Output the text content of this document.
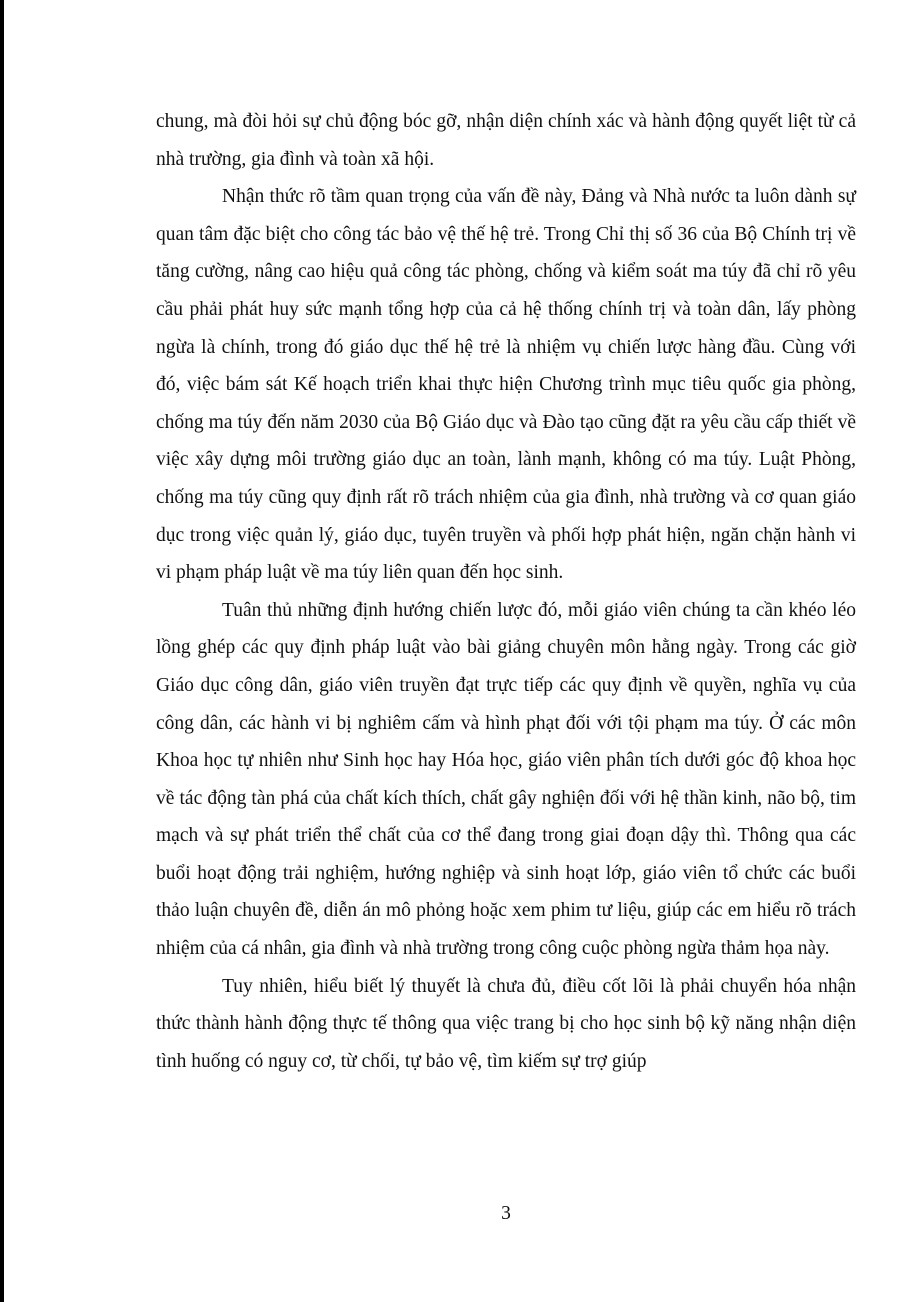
chung, mà đòi hỏi sự chủ động bóc gỡ, nhận diện chính xác và hành động quyết liệt từ cả nhà trường, gia đình và toàn xã hội.

Nhận thức rõ tầm quan trọng của vấn đề này, Đảng và Nhà nước ta luôn dành sự quan tâm đặc biệt cho công tác bảo vệ thế hệ trẻ. Trong Chỉ thị số 36 của Bộ Chính trị về tăng cường, nâng cao hiệu quả công tác phòng, chống và kiểm soát ma túy đã chỉ rõ yêu cầu phải phát huy sức mạnh tổng hợp của cả hệ thống chính trị và toàn dân, lấy phòng ngừa là chính, trong đó giáo dục thế hệ trẻ là nhiệm vụ chiến lược hàng đầu. Cùng với đó, việc bám sát Kế hoạch triển khai thực hiện Chương trình mục tiêu quốc gia phòng, chống ma túy đến năm 2030 của Bộ Giáo dục và Đào tạo cũng đặt ra yêu cầu cấp thiết về việc xây dựng môi trường giáo dục an toàn, lành mạnh, không có ma túy. Luật Phòng, chống ma túy cũng quy định rất rõ trách nhiệm của gia đình, nhà trường và cơ quan giáo dục trong việc quản lý, giáo dục, tuyên truyền và phối hợp phát hiện, ngăn chặn hành vi vi phạm pháp luật về ma túy liên quan đến học sinh.

Tuân thủ những định hướng chiến lược đó, mỗi giáo viên chúng ta cần khéo léo lồng ghép các quy định pháp luật vào bài giảng chuyên môn hằng ngày. Trong các giờ Giáo dục công dân, giáo viên truyền đạt trực tiếp các quy định về quyền, nghĩa vụ của công dân, các hành vi bị nghiêm cấm và hình phạt đối với tội phạm ma túy. Ở các môn Khoa học tự nhiên như Sinh học hay Hóa học, giáo viên phân tích dưới góc độ khoa học về tác động tàn phá của chất kích thích, chất gây nghiện đối với hệ thần kinh, não bộ, tim mạch và sự phát triển thể chất của cơ thể đang trong giai đoạn dậy thì. Thông qua các buổi hoạt động trải nghiệm, hướng nghiệp và sinh hoạt lớp, giáo viên tổ chức các buổi thảo luận chuyên đề, diễn án mô phỏng hoặc xem phim tư liệu, giúp các em hiểu rõ trách nhiệm của cá nhân, gia đình và nhà trường trong công cuộc phòng ngừa thảm họa này.

Tuy nhiên, hiểu biết lý thuyết là chưa đủ, điều cốt lõi là phải chuyển hóa nhận thức thành hành động thực tế thông qua việc trang bị cho học sinh bộ kỹ năng nhận diện tình huống có nguy cơ, từ chối, tự bảo vệ, tìm kiếm sự trợ giúp

3
